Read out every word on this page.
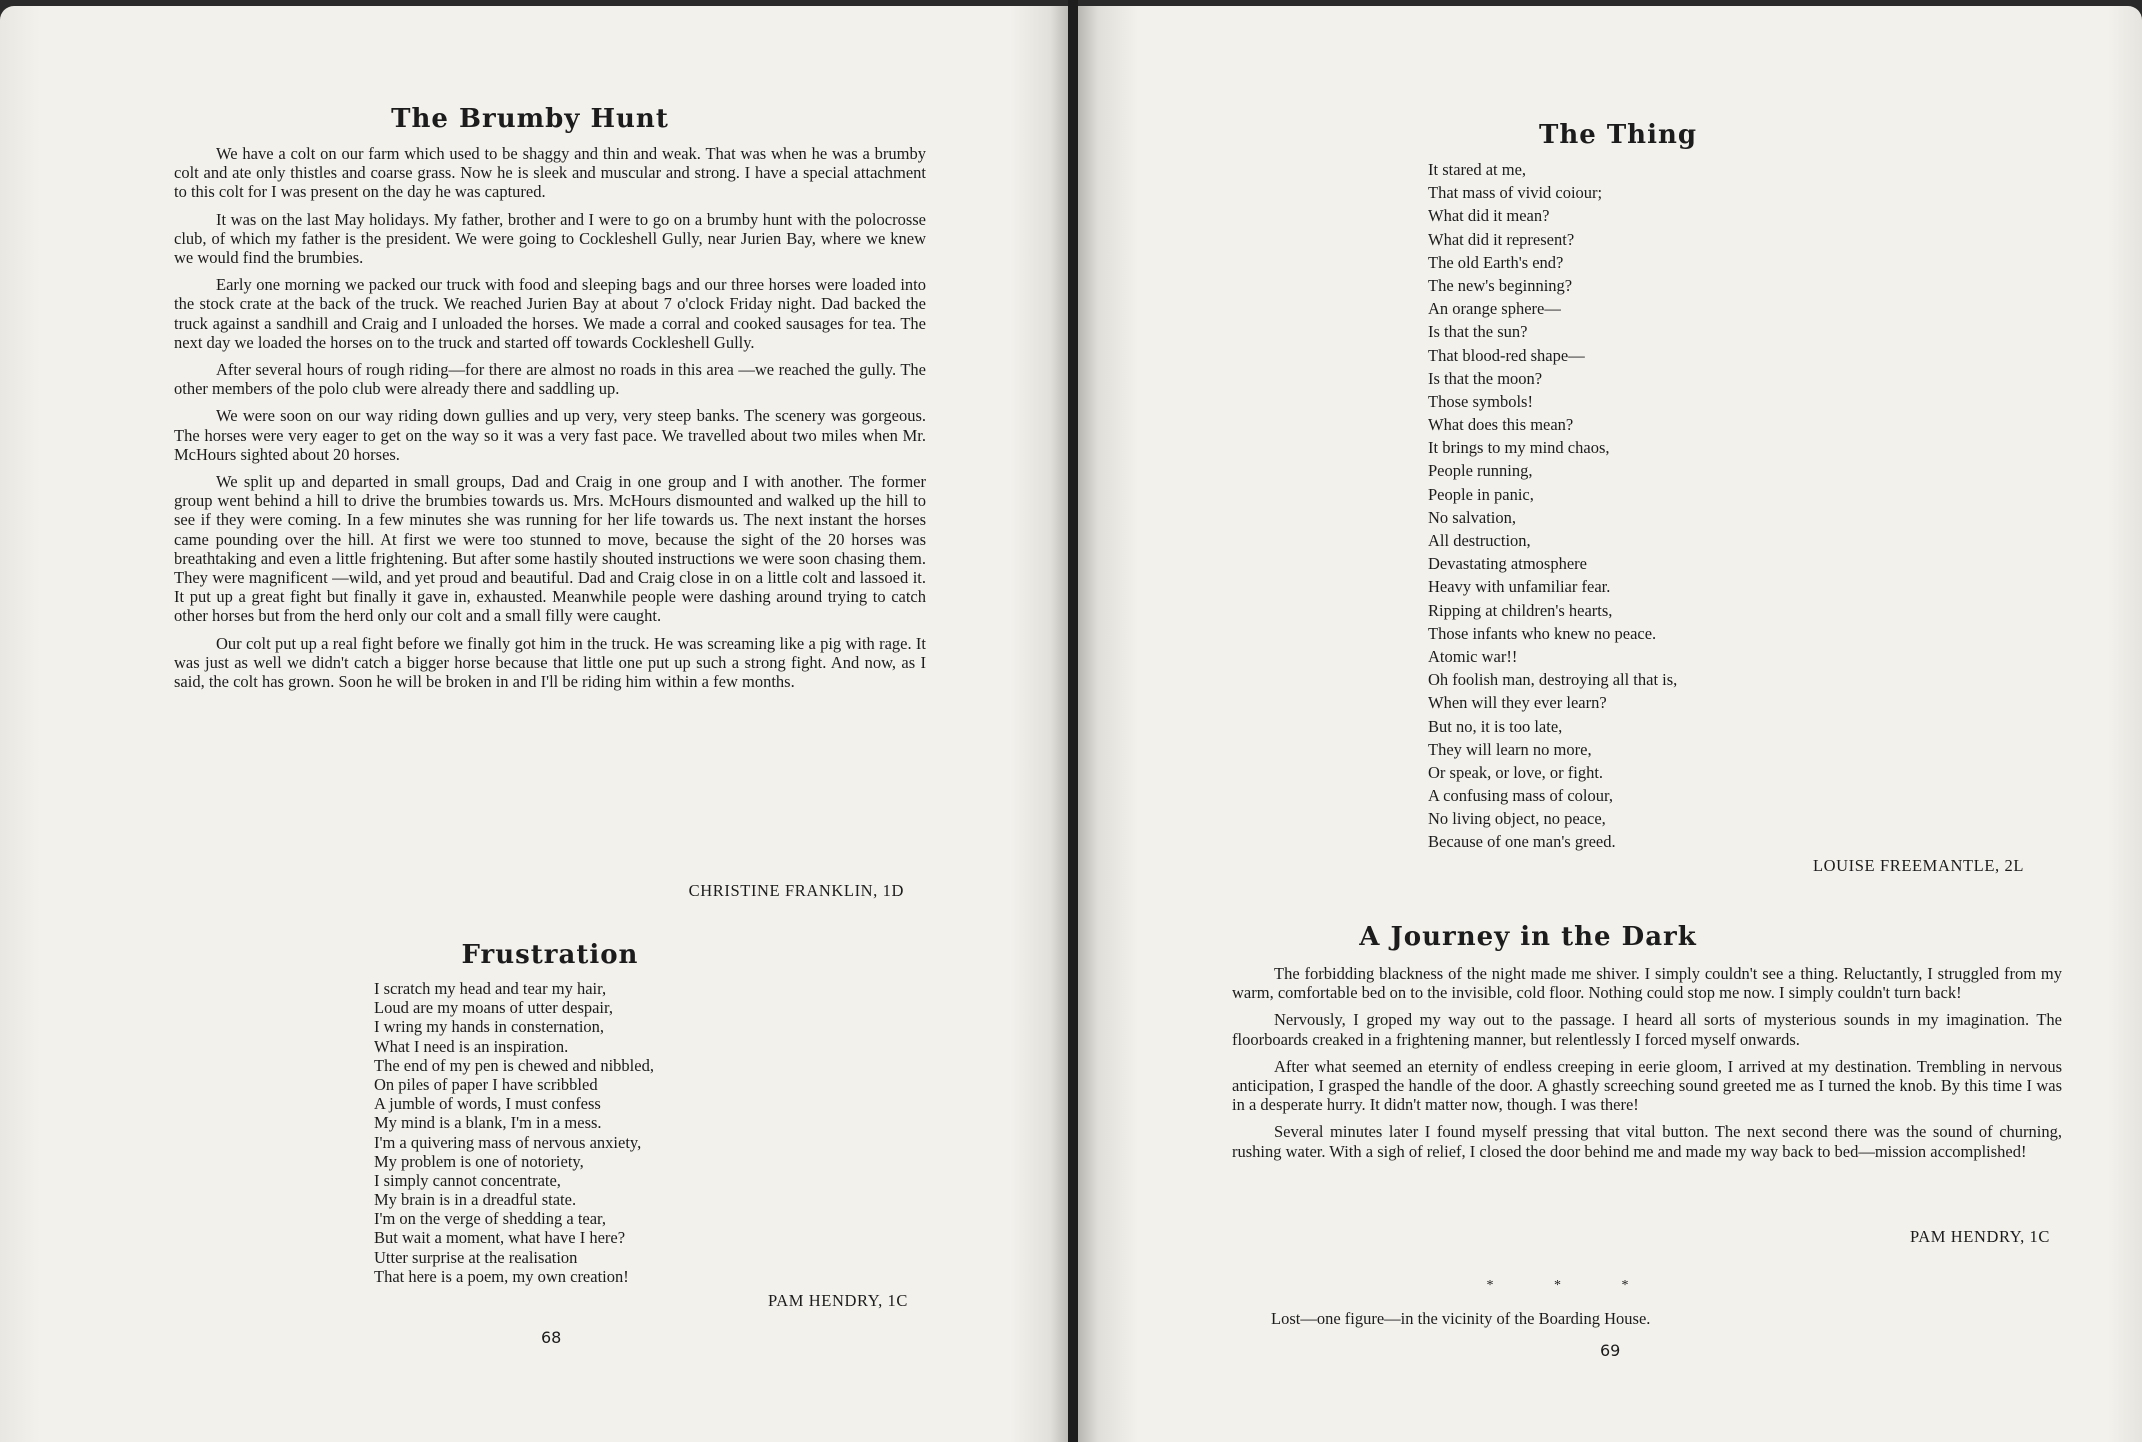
The Brumby Hunt

We have a colt on our farm which used to be shaggy and thin and weak. That was when he was a brumby colt and ate only thistles and coarse grass. Now he is sleek and muscular and strong. I have a special attachment to this colt for I was present on the day he was captured.

It was on the last May holidays. My father, brother and I were to go on a brumby hunt with the polocrosse club, of which my father is the president. We were going to Cockleshell Gully, near Jurien Bay, where we knew we would find the brumbies.

Early one morning we packed our truck with food and sleeping bags and our three horses were loaded into the stock crate at the back of the truck. We reached Jurien Bay at about 7 o'clock Friday night. Dad backed the truck against a sandhill and Craig and I unloaded the horses. We made a corral and cooked sausages for tea. The next day we loaded the horses on to the truck and started off towards Cockleshell Gully.

After several hours of rough riding—for there are almost no roads in this area —we reached the gully. The other members of the polo club were already there and saddling up.

We were soon on our way riding down gullies and up very, very steep banks. The scenery was gorgeous. The horses were very eager to get on the way so it was a very fast pace. We travelled about two miles when Mr. McHours sighted about 20 horses.

We split up and departed in small groups, Dad and Craig in one group and I with another. The former group went behind a hill to drive the brumbies towards us. Mrs. McHours dismounted and walked up the hill to see if they were coming. In a few minutes she was running for her life towards us. The next instant the horses came pounding over the hill. At first we were too stunned to move, because the sight of the 20 horses was breathtaking and even a little frightening. But after some hastily shouted instructions we were soon chasing them. They were magnificent —wild, and yet proud and beautiful. Dad and Craig close in on a little colt and lassoed it. It put up a great fight but finally it gave in, exhausted. Meanwhile people were dashing around trying to catch other horses but from the herd only our colt and a small filly were caught.

Our colt put up a real fight before we finally got him in the truck. He was screaming like a pig with rage. It was just as well we didn't catch a bigger horse because that little one put up such a strong fight. And now, as I said, the colt has grown. Soon he will be broken in and I'll be riding him within a few months.

CHRISTINE FRANKLIN, 1D
Frustration
I scratch my head and tear my hair,
Loud are my moans of utter despair,
I wring my hands in consternation,
What I need is an inspiration.
The end of my pen is chewed and nibbled,
On piles of paper I have scribbled
A jumble of words, I must confess
My mind is a blank, I'm in a mess.
I'm a quivering mass of nervous anxiety,
My problem is one of notoriety,
I simply cannot concentrate,
My brain is in a dreadful state.
I'm on the verge of shedding a tear,
But wait a moment, what have I here?
Utter surprise at the realisation
That here is a poem, my own creation!
PAM HENDRY, 1C
68
The Thing
It stared at me,
That mass of vivid coiour;
What did it mean?
What did it represent?
The old Earth's end?
The new's beginning?
An orange sphere—
Is that the sun?
That blood-red shape—
Is that the moon?
Those symbols!
What does this mean?
It brings to my mind chaos,
People running,
People in panic,
No salvation,
All destruction,
Devastating atmosphere
Heavy with unfamiliar fear.
Ripping at children's hearts,
Those infants who knew no peace.
Atomic war!!
Oh foolish man, destroying all that is,
When will they ever learn?
But no, it is too late,
They will learn no more,
Or speak, or love, or fight.
A confusing mass of colour,
No living object, no peace,
Because of one man's greed.
LOUISE FREEMANTLE, 2L
A Journey in the Dark

The forbidding blackness of the night made me shiver. I simply couldn't see a thing. Reluctantly, I struggled from my warm, comfortable bed on to the invisible, cold floor. Nothing could stop me now. I simply couldn't turn back!

Nervously, I groped my way out to the passage. I heard all sorts of mysterious sounds in my imagination. The floorboards creaked in a frightening manner, but relentlessly I forced myself onwards.

After what seemed an eternity of endless creeping in eerie gloom, I arrived at my destination. Trembling in nervous anticipation, I grasped the handle of the door. A ghastly screeching sound greeted me as I turned the knob. By this time I was in a desperate hurry. It didn't matter now, though. I was there!

Several minutes later I found myself pressing that vital button. The next second there was the sound of churning, rushing water. With a sigh of relief, I closed the door behind me and made my way back to bed—mission accomplished!

PAM HENDRY, 1C
*	*	*
Lost—one figure—in the vicinity of the Boarding House.
69
